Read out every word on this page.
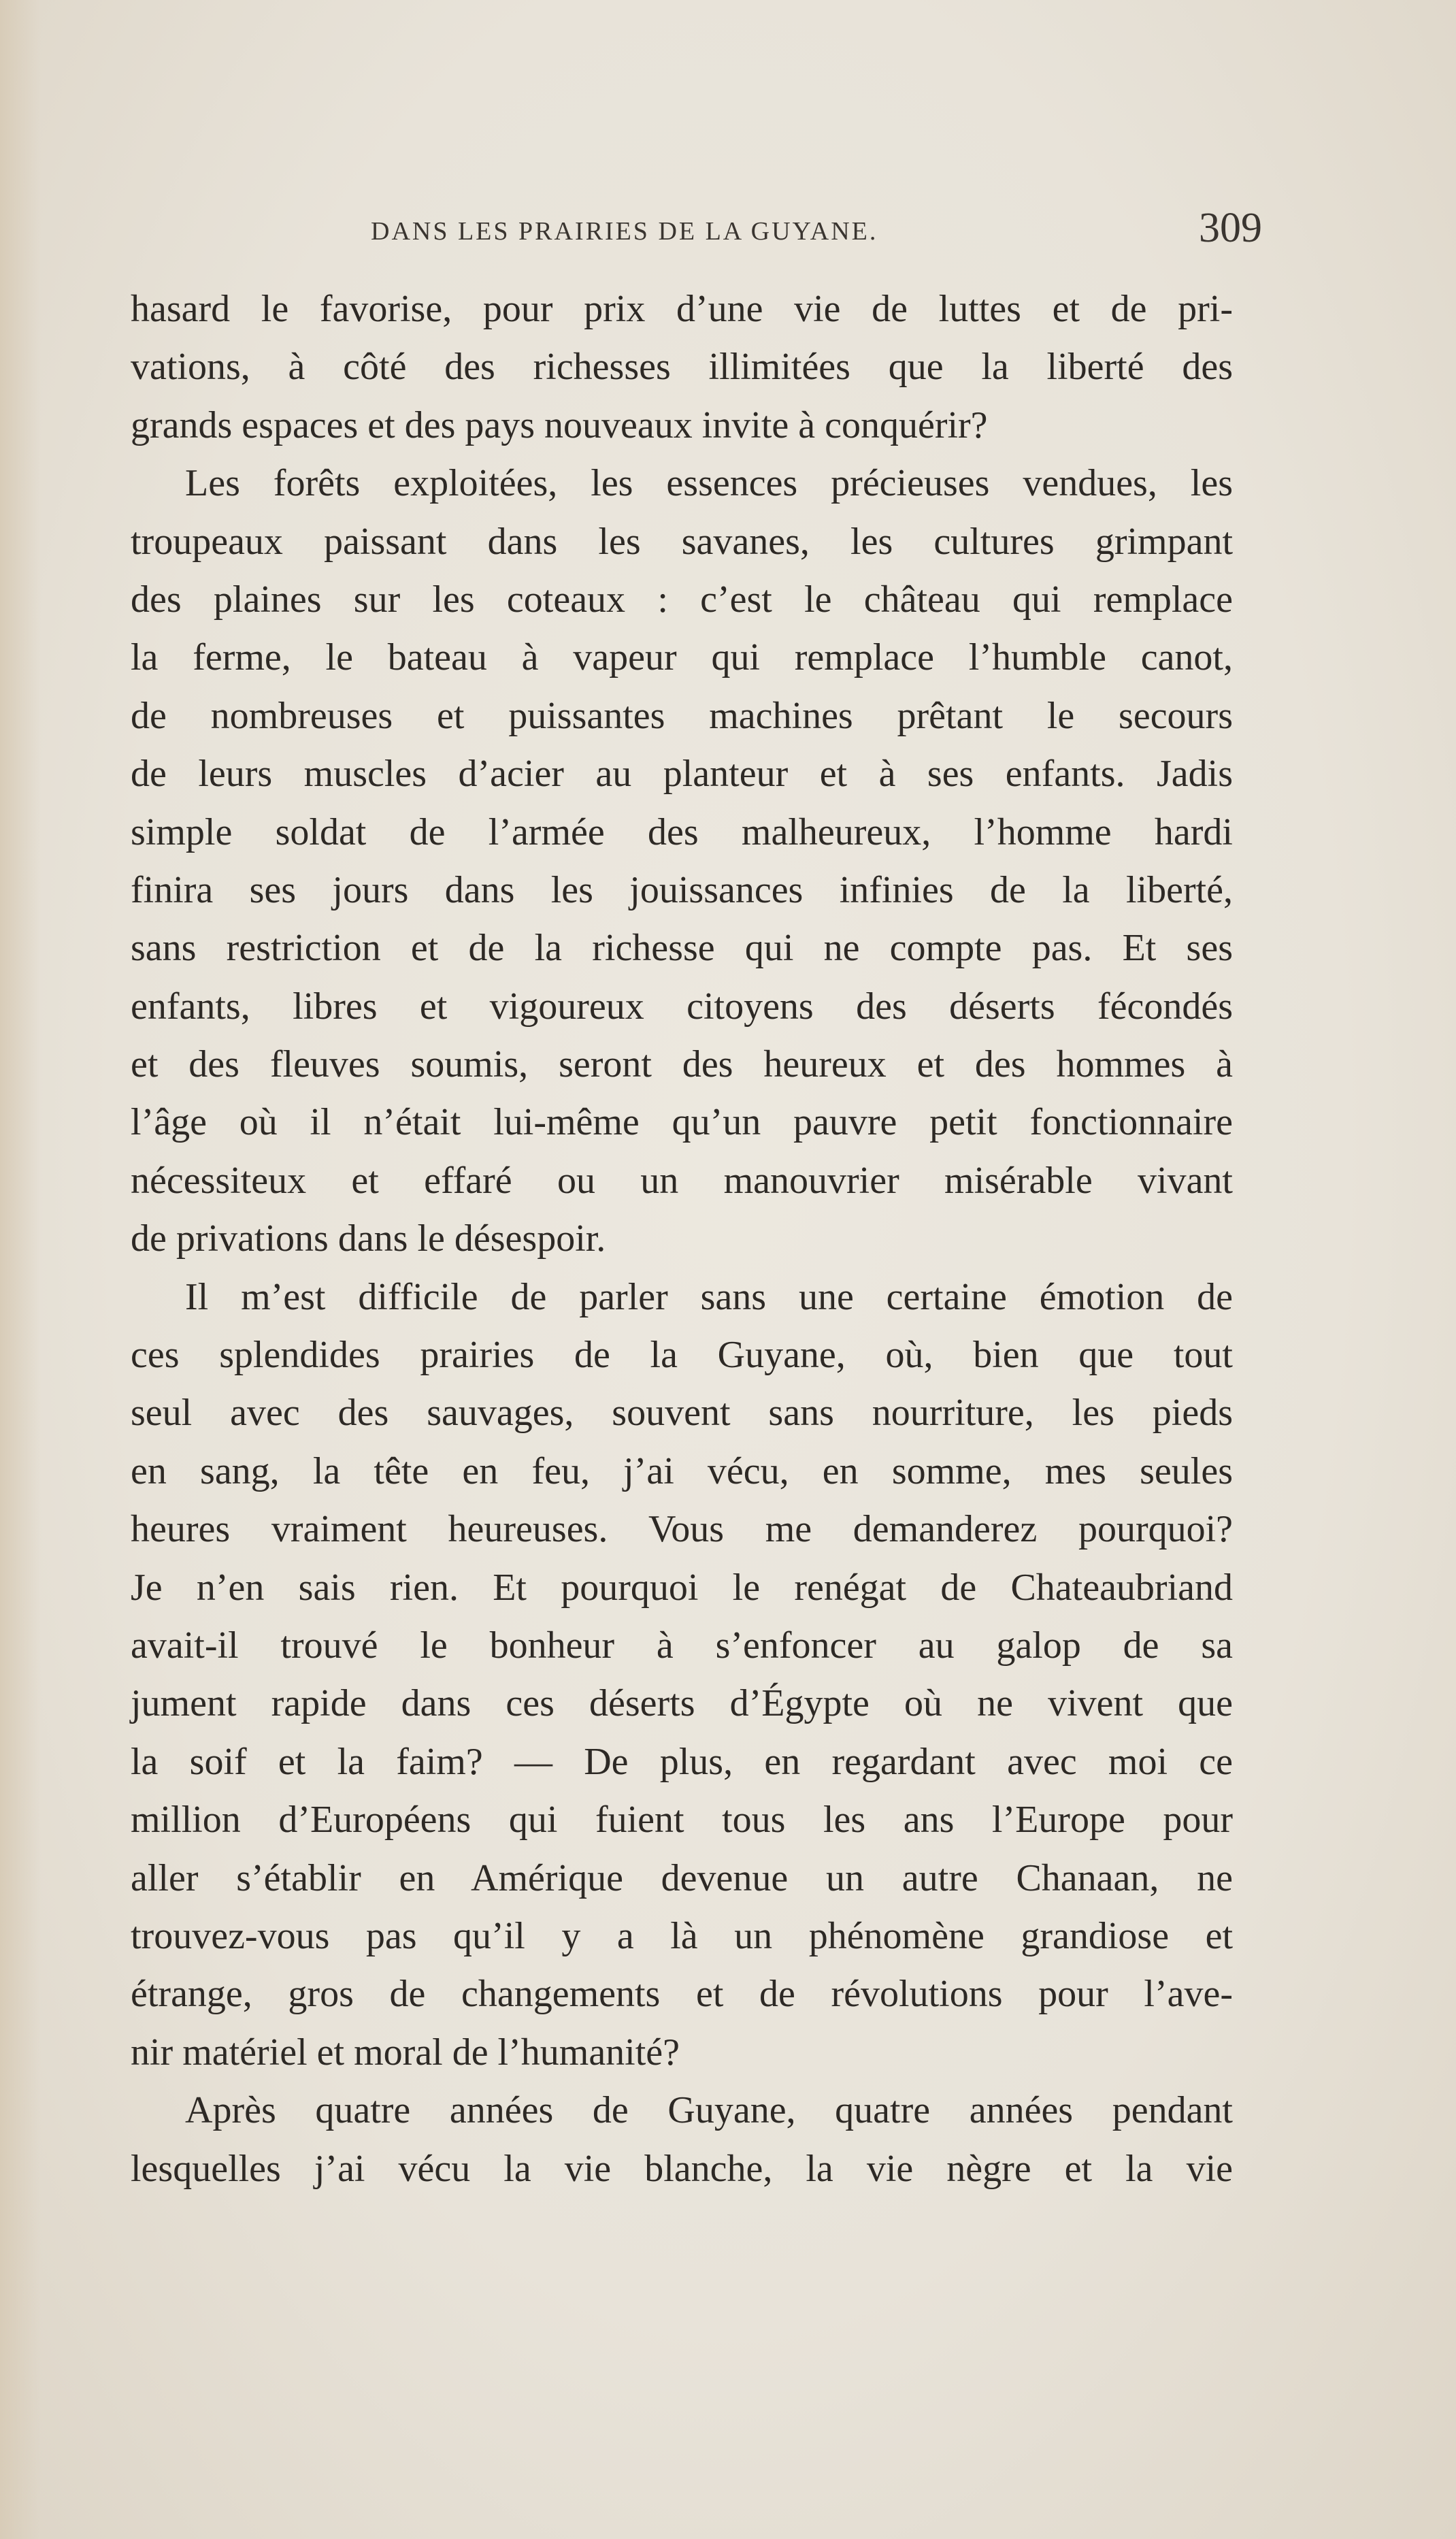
DANS LES PRAIRIES DE LA GUYANE.	309
hasard le favorise, pour prix d’une vie de luttes et de pri-
vations, à côté des richesses illimitées que la liberté des
grands espaces et des pays nouveaux invite à conquérir?
Les forêts exploitées, les essences précieuses vendues, les
troupeaux paissant dans les savanes, les cultures grimpant
des plaines sur les coteaux : c’est le château qui remplace
la ferme, le bateau à vapeur qui remplace l’humble canot,
de nombreuses et puissantes machines prêtant le secours
de leurs muscles d’acier au planteur et à ses enfants. Jadis
simple soldat de l’armée des malheureux, l’homme hardi
finira ses jours dans les jouissances infinies de la liberté,
sans restriction et de la richesse qui ne compte pas. Et ses
enfants, libres et vigoureux citoyens des déserts fécondés
et des fleuves soumis, seront des heureux et des hommes à
l’âge où il n’était lui-même qu’un pauvre petit fonctionnaire
nécessiteux et effaré ou un manouvrier misérable vivant
de privations dans le désespoir.
Il m’est difficile de parler sans une certaine émotion de
ces splendides prairies de la Guyane, où, bien que tout
seul avec des sauvages, souvent sans nourriture, les pieds
en sang, la tête en feu, j’ai vécu, en somme, mes seules
heures vraiment heureuses. Vous me demanderez pourquoi?
Je n’en sais rien. Et pourquoi le renégat de Chateaubriand
avait-il trouvé le bonheur à s’enfoncer au galop de sa
jument rapide dans ces déserts d’Égypte où ne vivent que
la soif et la faim? — De plus, en regardant avec moi ce
million d’Européens qui fuient tous les ans l’Europe pour
aller s’établir en Amérique devenue un autre Chanaan, ne
trouvez-vous pas qu’il y a là un phénomène grandiose et
étrange, gros de changements et de révolutions pour l’ave-
nir matériel et moral de l’humanité?
Après quatre années de Guyane, quatre années pendant
lesquelles j’ai vécu la vie blanche, la vie nègre et la vie
